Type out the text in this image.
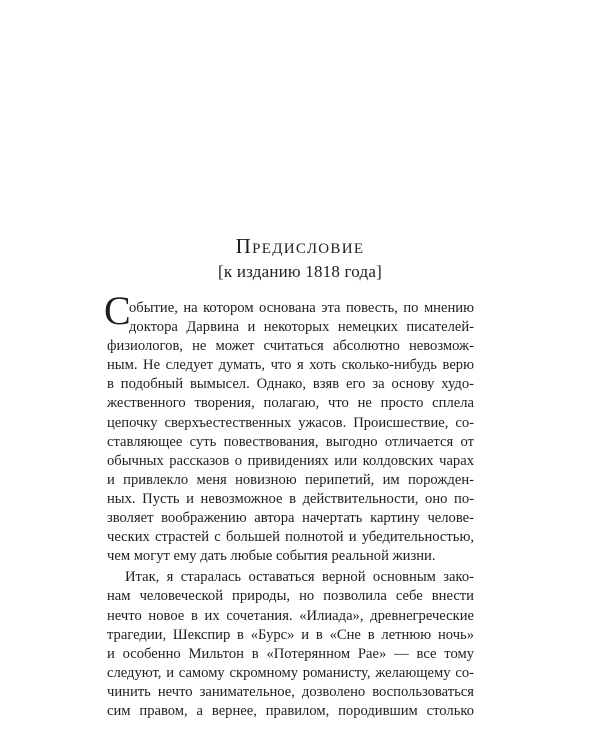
Предисловие
[к изданию 1818 года]
С
обытие, на котором основана эта повесть, по мнению
доктора Дарвина и некоторых немецких писателей-
физиологов, не может считаться абсолютно невозмож-
ным. Не следует думать, что я хоть сколько-нибудь верю
в подобный вымысел. Однако, взяв его за основу худо-
жественного творения, полагаю, что не просто сплела
цепочку сверхъестественных ужасов. Происшествие, со-
ставляющее суть повествования, выгодно отличается от
обычных рассказов о привидениях или колдовских чарах
и привлекло меня новизною перипетий, им порожден-
ных. Пусть и невозможное в действительности, оно по-
зволяет воображению автора начертать картину челове-
ческих страстей с большей полнотой и убедительностью,
чем могут ему дать любые события реальной жизни.
Итак, я старалась оставаться верной основным зако-
нам человеческой природы, но позволила себе внести
нечто новое в их сочетания. «Илиада», древнегреческие
трагедии, Шекспир в «Бурс» и в «Сне в летнюю ночь»
и особенно Мильтон в «Потерянном Рае» — все тому
следуют, и самому скромному романисту, желающему со-
чинить нечто занимательное, дозволено воспользоваться
сим правом, а вернее, правилом, породившим столько
